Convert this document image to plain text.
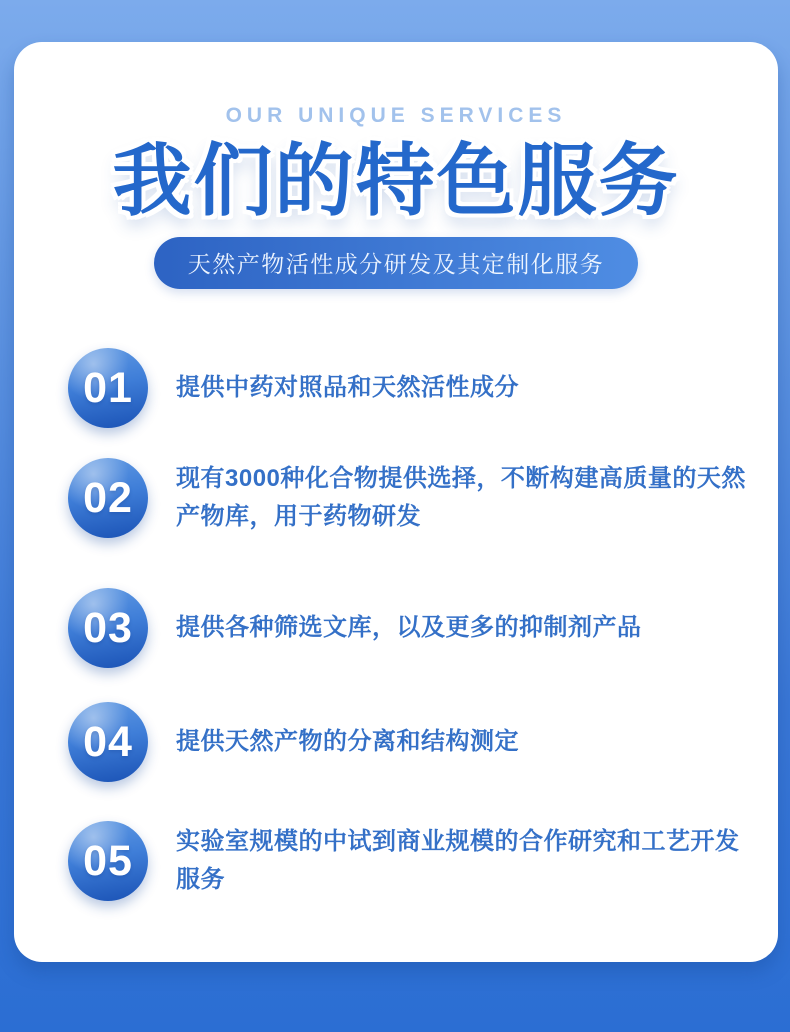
OUR UNIQUE SERVICES
我们的特色服务
天然产物活性成分研发及其定制化服务
01	提供中药对照品和天然活性成分
02	现有3000种化合物提供选择，不断构建高质量的天然产物库，用于药物研发
03	提供各种筛选文库，以及更多的抑制剂产品
04	提供天然产物的分离和结构测定
05	实验室规模的中试到商业规模的合作研究和工艺开发服务
